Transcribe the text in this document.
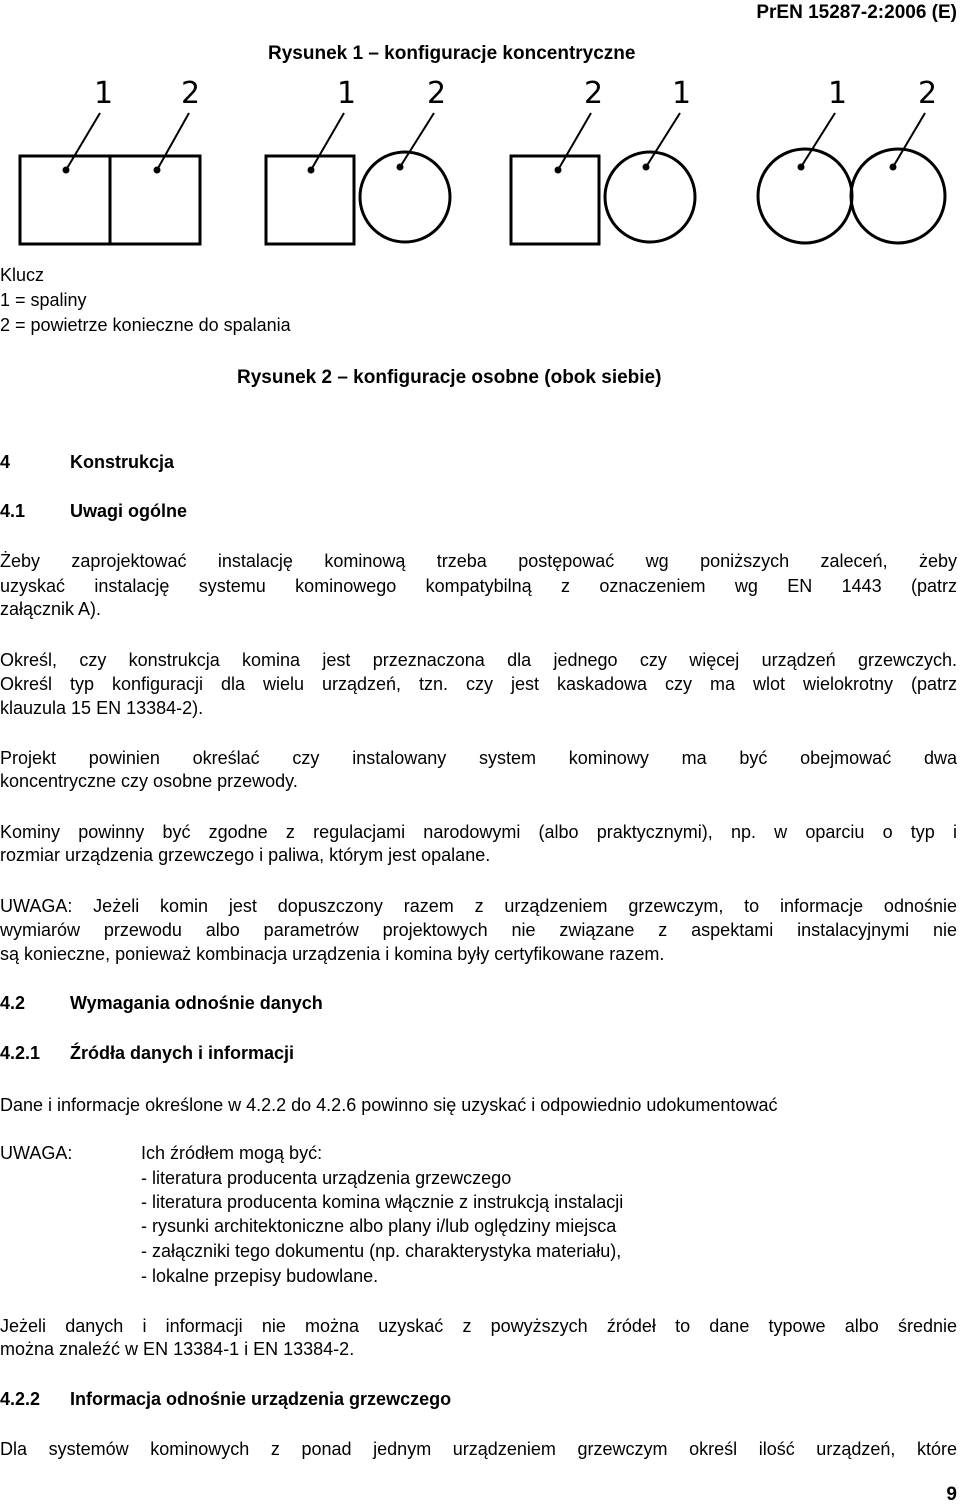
PrEN 15287-2:2006 (E)
Rysunek 1 – konfiguracje koncentryczne
1 2	1 2	2 1	1 2
Klucz
1 = spaliny
2 = powietrze konieczne do spalania
Rysunek 2 – konfiguracje osobne (obok siebie)
4	Konstrukcja
4.1 Uwagi ogólne
Żeby zaprojektować instalację kominową trzeba postępować wg poniższych zaleceń, żeby
uzyskać instalację systemu kominowego kompatybilną z oznaczeniem wg EN 1443 (patrz
załącznik A).
Określ, czy konstrukcja komina jest przeznaczona dla jednego czy więcej urządzeń grzewczych.
Określ typ konfiguracji dla wielu urządzeń, tzn. czy jest kaskadowa czy ma wlot wielokrotny (patrz
klauzula 15 EN 13384-2).
Projekt powinien określać czy instalowany system kominowy ma być obejmować dwa
koncentryczne czy osobne przewody.
Kominy powinny być zgodne z regulacjami narodowymi (albo praktycznymi), np. w oparciu o typ i
rozmiar urządzenia grzewczego i paliwa, którym jest opalane.
UWAGA: Jeżeli komin jest dopuszczony razem z urządzeniem grzewczym, to informacje odnośnie
wymiarów przewodu albo parametrów projektowych nie związane z aspektami instalacyjnymi nie
są konieczne, ponieważ kombinacja urządzenia i komina były certyfikowane razem.
4.2 Wymagania odnośnie danych
4.2.1 Źródła danych i informacji
Dane i informacje określone w 4.2.2 do 4.2.6 powinno się uzyskać i odpowiednio udokumentować
UWAGA:	Ich źródłem mogą być:
- literatura producenta urządzenia grzewczego
- literatura producenta komina włącznie z instrukcją instalacji
- rysunki architektoniczne albo plany i/lub oględziny miejsca
- załączniki tego dokumentu (np. charakterystyka materiału),
- lokalne przepisy budowlane.
Jeżeli danych i informacji nie można uzyskać z powyższych źródeł to dane typowe albo średnie
można znaleźć w EN 13384-1 i EN 13384-2.
4.2.2 Informacja odnośnie urządzenia grzewczego
Dla systemów kominowych z ponad jednym urządzeniem grzewczym określ ilość urządzeń, które
9
